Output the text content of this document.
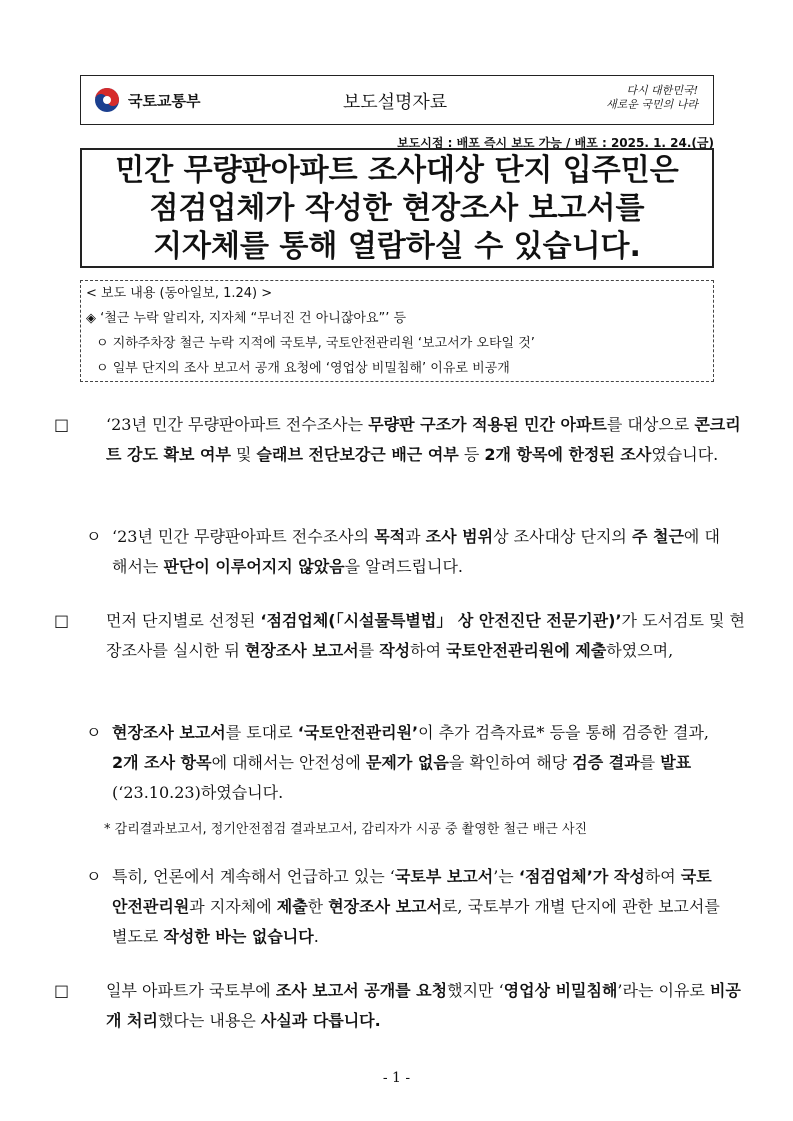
국토교통부	보도설명자료
다시 대한민국!
새로운 국민의 나라
보도시점 : 배포 즉시 보도 가능 / 배포 : 2025. 1. 24.(금)
민간 무량판아파트 조사대상 단지 입주민은
점검업체가 작성한 현장조사 보고서를
지자체를 통해 열람하실 수 있습니다.
< 보도 내용 (동아일보, 1.24) >
◈ ‘철근 누락 알리자, 지자체 “무너진 건 아니잖아요”’ 등
ㅇ 지하주차장 철근 누락 지적에 국토부, 국토안전관리원 ‘보고서가 오타일 것’
ㅇ 일부 단지의 조사 보고서 공개 요청에 ‘영업상 비밀침해’ 이유로 비공개
□ ‘23년 민간 무량판아파트 전수조사는 무량판 구조가 적용된 민간 아파트를 대상으로 콘크리트 강도 확보 여부 및 슬래브 전단보강근 배근 여부 등 2개 항목에 한정된 조사였습니다.
ㅇ ‘23년 민간 무량판아파트 전수조사의 목적과 조사 범위상 조사대상 단지의 주 철근에 대해서는 판단이 이루어지지 않았음을 알려드립니다.
□ 먼저 단지별로 선정된 ‘점검업체(「시설물특별법」 상 안전진단 전문기관)’가 도서검토 및 현장조사를 실시한 뒤 현장조사 보고서를 작성하여 국토안전관리원에 제출하였으며,
ㅇ 현장조사 보고서를 토대로 ‘국토안전관리원’이 추가 검측자료* 등을 통해 검증한 결과, 2개 조사 항목에 대해서는 안전성에 문제가 없음을 확인하여 해당 검증 결과를 발표(‘23.10.23)하였습니다.
* 감리결과보고서, 정기안전점검 결과보고서, 감리자가 시공 중 촬영한 철근 배근 사진
ㅇ 특히, 언론에서 계속해서 언급하고 있는 ‘국토부 보고서’는 ‘점검업체’가 작성하여 국토안전관리원과 지자체에 제출한 현장조사 보고서로, 국토부가 개별 단지에 관한 보고서를 별도로 작성한 바는 없습니다.
□ 일부 아파트가 국토부에 조사 보고서 공개를 요청했지만 ‘영업상 비밀침해’라는 이유로 비공개 처리했다는 내용은 사실과 다릅니다.
- 1 -
